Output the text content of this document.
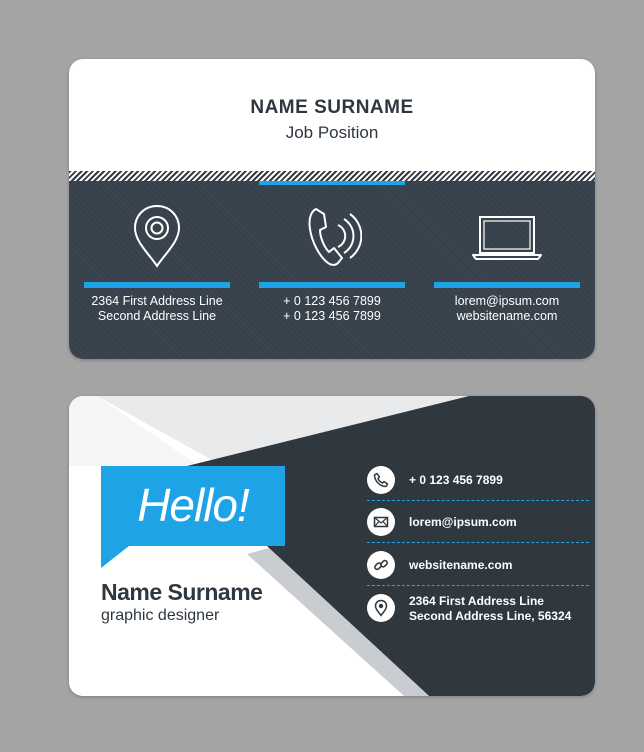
NAME SURNAME
Job Position
2364 First Address Line
Second Address Line
+ 0 123 456 7899
+ 0 123 456 7899
lorem@ipsum.com
websitename.com
Hello!
Name Surname
graphic designer
+ 0 123 456 7899
lorem@ipsum.com
websitename.com
2364 First Address Line
Second Address Line, 56324
